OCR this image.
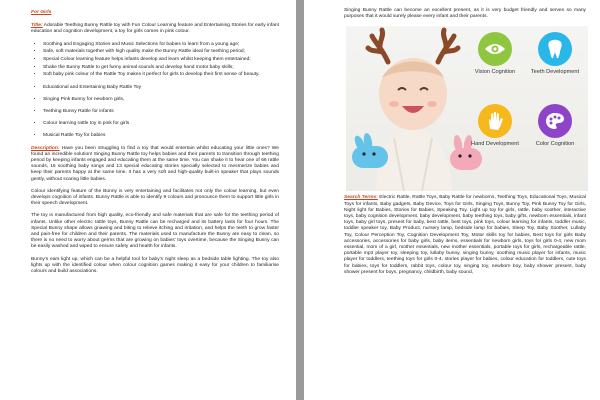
For Girls

Title: Adorable Teething Bunny Rattle toy with Fun Colour Learning feature and Entertaining Stories for early infant education and cognition development, a toy for girls comes in pink colour.

• Soothing and Engaging Stories and Music Selections for babies to learn from a young age;
• Safe, soft materials together with high quality make the Bunny Rattle ideal for teething period;
• Special Colour learning feature helps infants develop and learn whilst keeping them entertained;
• Shake the Bunny Rattle to get funny animal sounds and develop hand motor baby skills;
• Soft baby pink colour of the Rattle Toy makes it perfect for girls to develop their first sense of beauty.
• Educational and Entertaining Baby Rattle Toy
• Singing Pink Bunny for newborn girls,
• Teething Bunny Rattle for infants
• Colour learning rattle toy in pink for girls
• Musical Rattle Toy for babies

Description: Have you been struggling to find a toy that would entertain whilst educating your little ones? We found an incredible solution! Singing Bunny Rattle toy helps babies and their parents to transition through teething period by keeping infants engaged and educating them at the same time. You can shake it to hear one of 66 rattle sounds, 16 soothing baby songs and 13 special educating stories specially selected to mesmerize babies and keep their parents happy at the same time. It has a very soft and high-quality built-in speaker that plays sounds gently, without scaring little babies.

Colour identifying feature of the Bunny is very entertaining and facilitates not only the colour learning, but even develops cognition of infants. Bunny Rattle is able to identify 9 colours and pronounce them to support little girls in their speech development.

The toy is manufactured from high quality, eco-friendly and safe materials that are safe for the teething period of infants. Unlike other electric rattle toys, Bunny Rattle can be recharged and its battery lasts for four hours. The Special Bunny shape allows gnawing and biting to relieve itching and irritation, and helps the teeth to grow faster and pain-free for children and their parents. The materials used to manufacture the Bunny are easy to clean, so there is no need to worry about germs that are growing on babies' toys overtime, because the Singing Bunny can be easily washed and wiped to ensure safety and health for infants.

Bunny's ears light up, which can be a helpful tool for baby's night sleep as a bedside table lighting. The toy also lights up with the identified colour when colour cognition games making it easy for your children to familiarise colours and build associations.

Singing Bunny Rattle can become an excellent present, as it is very budget friendly and serves so many purposes that it would surely please every infant and their parents.

Vision Cognition	Teeth Development
Hand Development	Color Cognition

Search Terms: Electric Rattle, Rattle Toys, Baby Rattle for newborns, Teething Toys, Educational Toys, Musical Toys for infants, Baby gadgets, Baby Device, Toys for Girls, Singing Toys, Bunny Toy, Pink Bunny Toy for Girls, Night light for Babies, Stories for Babies, Speaking Toy, Light up toy for girls, rattle, baby soother, interactive toys, baby cognition development, baby development, baby teething toys, baby gifts, newborn essentials, infant toys, baby girl toys, present for baby, best rattle, best toys, pink toys, colour learning for infants, toddler music, toddler speaker toy, Baby Product, nursery lamp, bedside lamp for babies, Sleep Toy, Baby Soother, Lullaby Toy, Colour Perception Toy, Cognition Development Toy, Motor skills toy for babies, Best toys for girls Baby accessories, accessories for baby girls, baby items, essentials for newborn girls, toys for girls 0-4, new mom essential, mom of a girl, mother essentials, new mother essentials, portable toys for girls, rechargeable rattle, portable mp3 player toy, sleeping toy, lullaby bunny, singing bunny, soothing music player for infants, music player for toddlers, teething toys for girls 0-4, stories player for babies, colour education for toddlers, cute toys for babies, toys for toddlers, rabbit toys, colour toy, singing toy, newborn boy, baby shower present, baby shower present for boys, pregnancy, childbirth, baby sound,
